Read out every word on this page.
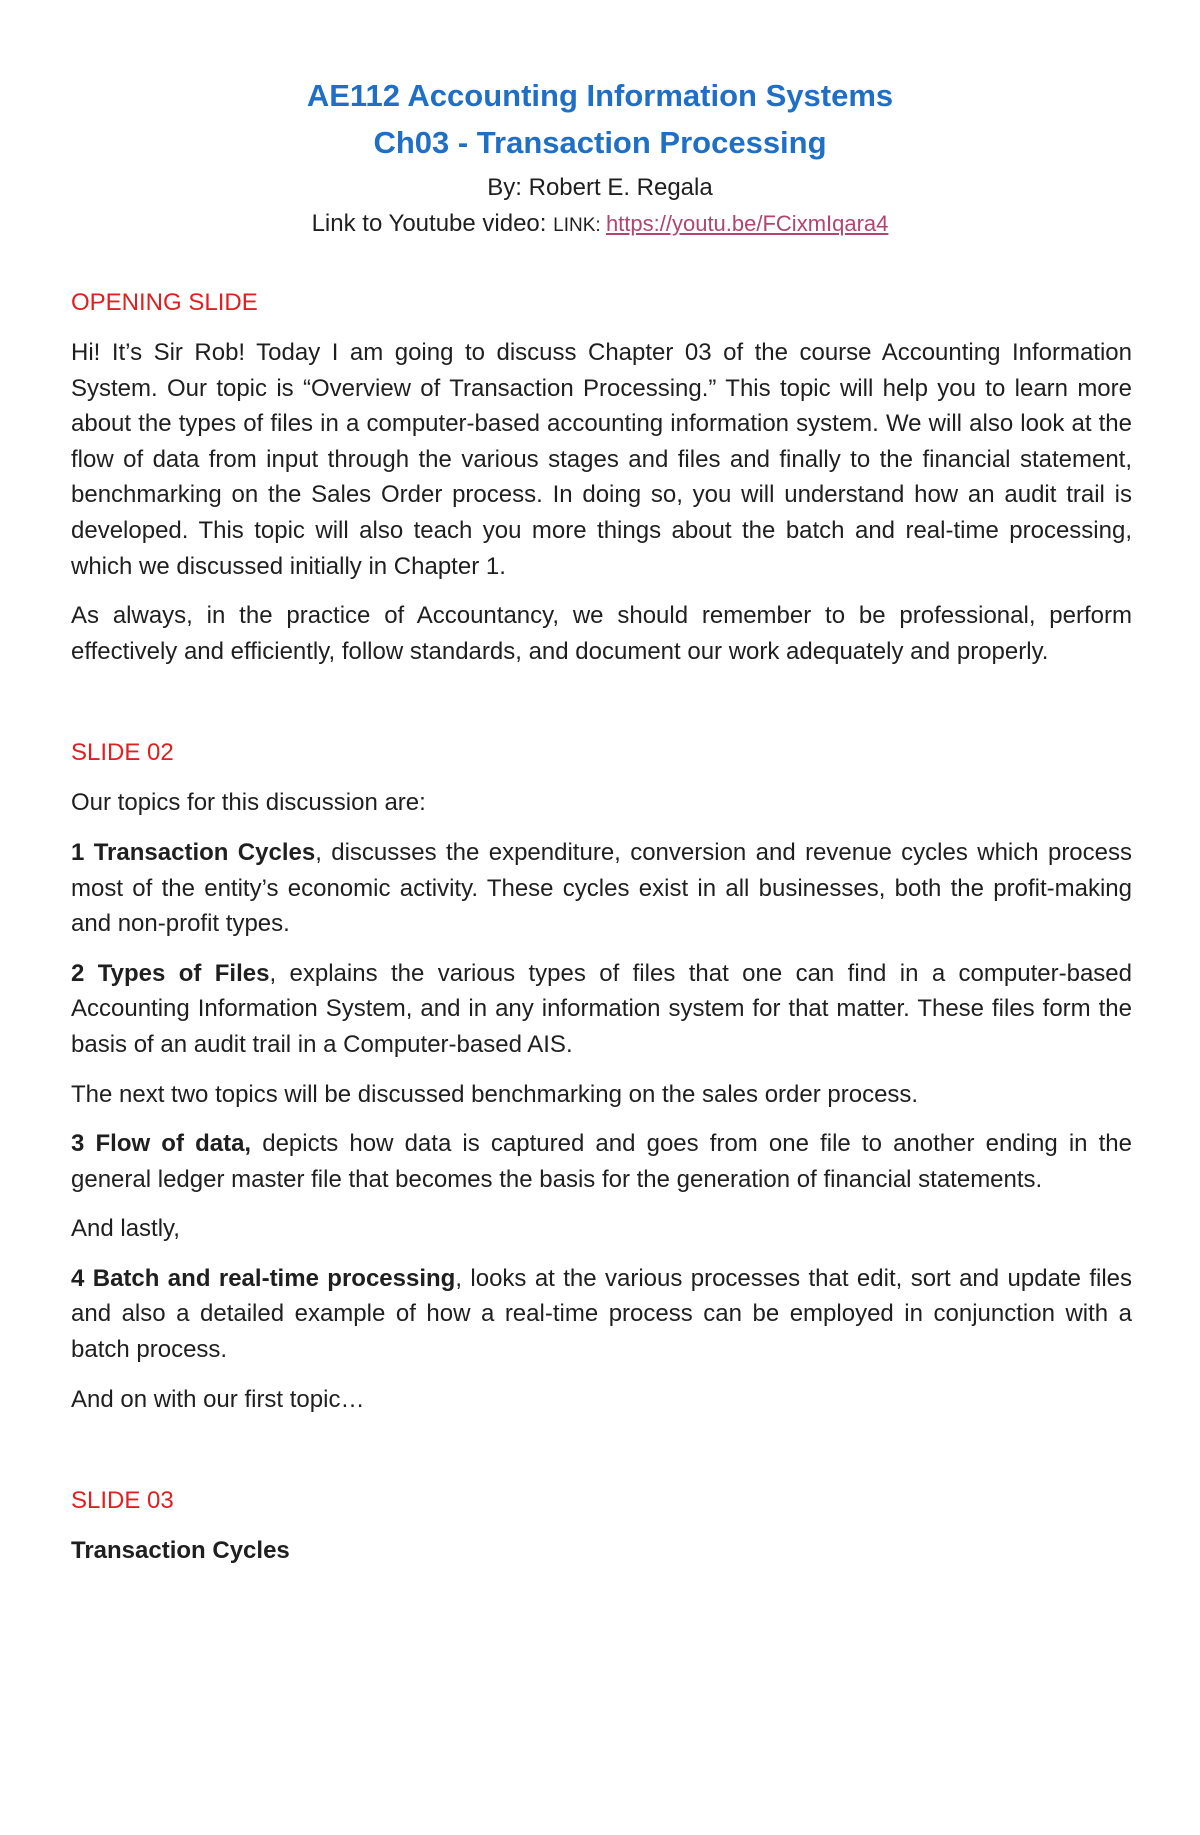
AE112 Accounting Information Systems
Ch03 - Transaction Processing
By: Robert E. Regala
Link to Youtube video: LINK: https://youtu.be/FCixmIqara4
OPENING SLIDE

Hi! It’s Sir Rob! Today I am going to discuss Chapter 03 of the course Accounting Information System. Our topic is “Overview of Transaction Processing.” This topic will help you to learn more about the types of files in a computer-based accounting information system. We will also look at the flow of data from input through the various stages and files and finally to the financial statement, benchmarking on the Sales Order process. In doing so, you will understand how an audit trail is developed. This topic will also teach you more things about the batch and real-time processing, which we discussed initially in Chapter 1.

As always, in the practice of Accountancy, we should remember to be professional, perform effectively and efficiently, follow standards, and document our work adequately and properly.

SLIDE 02

Our topics for this discussion are:

1 Transaction Cycles, discusses the expenditure, conversion and revenue cycles which process most of the entity’s economic activity. These cycles exist in all businesses, both the profit-making and non-profit types.

2 Types of Files, explains the various types of files that one can find in a computer-based Accounting Information System, and in any information system for that matter. These files form the basis of an audit trail in a Computer-based AIS.

The next two topics will be discussed benchmarking on the sales order process.

3 Flow of data, depicts how data is captured and goes from one file to another ending in the general ledger master file that becomes the basis for the generation of financial statements.

And lastly,

4 Batch and real-time processing, looks at the various processes that edit, sort and update files and also a detailed example of how a real-time process can be employed in conjunction with a batch process.

And on with our first topic…

SLIDE 03

Transaction Cycles
